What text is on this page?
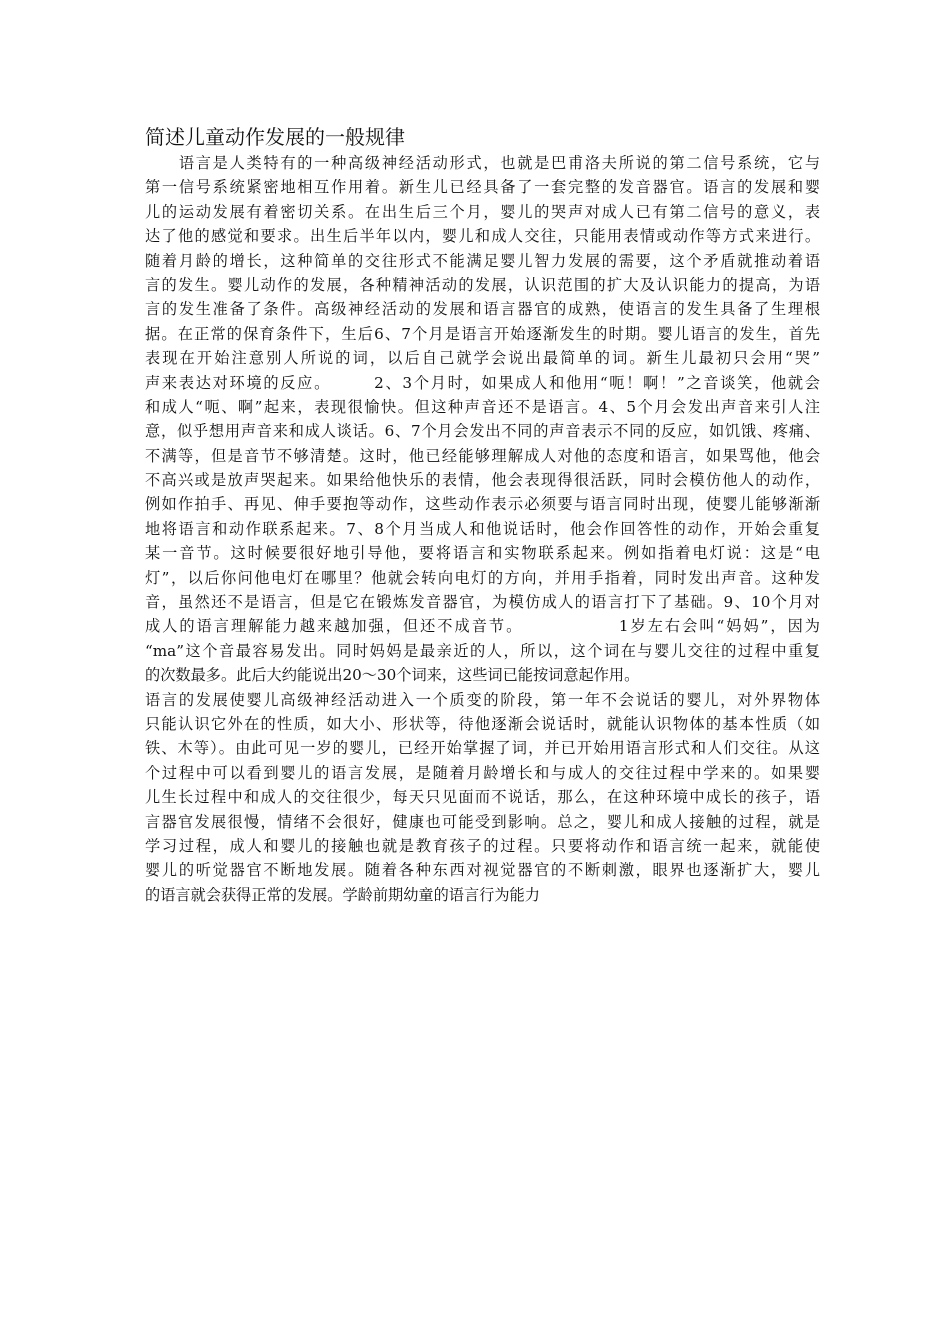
简述儿童动作发展的一般规律
　　语言是人类特有的一种高级神经活动形式，也就是巴甫洛夫所说的第二信号系统，它与
第一信号系统紧密地相互作用着。新生儿已经具备了一套完整的发音器官。语言的发展和婴
儿的运动发展有着密切关系。在出生后三个月，婴儿的哭声对成人已有第二信号的意义，表
达了他的感觉和要求。出生后半年以内，婴儿和成人交往，只能用表情或动作等方式来进行。
随着月龄的增长，这种简单的交往形式不能满足婴儿智力发展的需要，这个矛盾就推动着语
言的发生。婴儿动作的发展，各种精神活动的发展，认识范围的扩大及认识能力的提高，为语
言的发生准备了条件。高级神经活动的发展和语言器官的成熟，使语言的发生具备了生理根
据。在正常的保育条件下，生后6、7个月是语言开始逐渐发生的时期。婴儿语言的发生，首先
表现在开始注意别人所说的词，以后自己就学会说出最简单的词。新生儿最初只会用“哭”
声来表达对环境的反应。　　　2、3个月时，如果成人和他用“呃！啊！”之音谈笑，他就会
和成人“呃、啊”起来，表现很愉快。但这种声音还不是语言。4、5个月会发出声音来引人注
意，似乎想用声音来和成人谈话。6、7个月会发出不同的声音表示不同的反应，如饥饿、疼痛、
不满等，但是音节不够清楚。这时，他已经能够理解成人对他的态度和语言，如果骂他，他会
不高兴或是放声哭起来。如果给他快乐的表情，他会表现得很活跃，同时会模仿他人的动作，
例如作拍手、再见、伸手要抱等动作，这些动作表示必须要与语言同时出现，使婴儿能够渐渐
地将语言和动作联系起来。7、8个月当成人和他说话时，他会作回答性的动作，开始会重复
某一音节。这时候要很好地引导他，要将语言和实物联系起来。例如指着电灯说：这是“电
灯”，以后你问他电灯在哪里？他就会转向电灯的方向，并用手指着，同时发出声音。这种发
音，虽然还不是语言，但是它在锻炼发音器官，为模仿成人的语言打下了基础。9、10个月对
成人的语言理解能力越来越加强，但还不成音节。　　　　　　1岁左右会叫“妈妈”，因为
“ma”这个音最容易发出。同时妈妈是最亲近的人，所以，这个词在与婴儿交往的过程中重复
的次数最多。此后大约能说出20～30个词来，这些词已能按词意起作用。
语言的发展使婴儿高级神经活动进入一个质变的阶段，第一年不会说话的婴儿，对外界物体
只能认识它外在的性质，如大小、形状等，待他逐渐会说话时，就能认识物体的基本性质（如
铁、木等）。由此可见一岁的婴儿，已经开始掌握了词，并已开始用语言形式和人们交往。从这
个过程中可以看到婴儿的语言发展，是随着月龄增长和与成人的交往过程中学来的。如果婴
儿生长过程中和成人的交往很少，每天只见面而不说话，那么，在这种环境中成长的孩子，语
言器官发展很慢，情绪不会很好，健康也可能受到影响。总之，婴儿和成人接触的过程，就是
学习过程，成人和婴儿的接触也就是教育孩子的过程。只要将动作和语言统一起来，就能使
婴儿的听觉器官不断地发展。随着各种东西对视觉器官的不断刺激，眼界也逐渐扩大，婴儿
的语言就会获得正常的发展。学龄前期幼童的语言行为能力
